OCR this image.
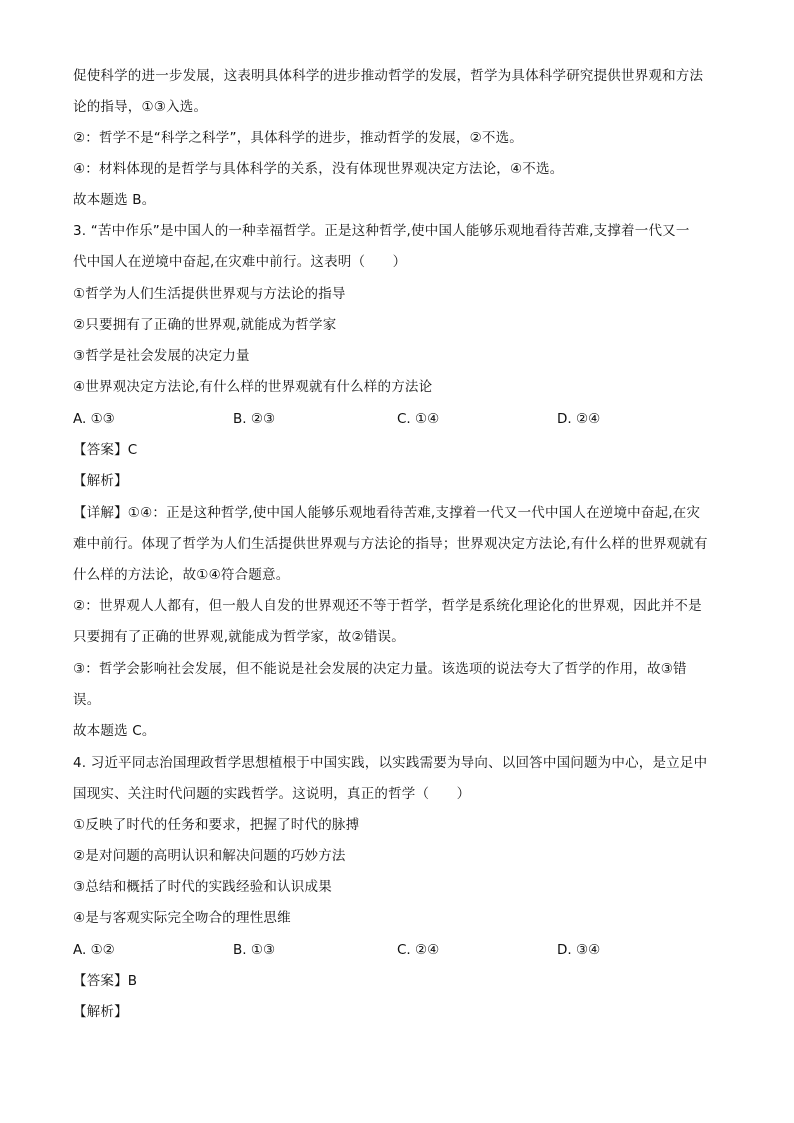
促使科学的进一步发展，这表明具体科学的进步推动哲学的发展，哲学为具体科学研究提供世界观和方法
论的指导，①③入选。
②：哲学不是“科学之科学”，具体科学的进步，推动哲学的发展，②不选。
④：材料体现的是哲学与具体科学的关系，没有体现世界观决定方法论，④不选。
故本题选 B。
3. “苦中作乐”是中国人的一种幸福哲学。正是这种哲学,使中国人能够乐观地看待苦难,支撑着一代又一
代中国人在逆境中奋起,在灾难中前行。这表明（　　）
①哲学为人们生活提供世界观与方法论的指导
②只要拥有了正确的世界观,就能成为哲学家
③哲学是社会发展的决定力量
④世界观决定方法论,有什么样的世界观就有什么样的方法论
A. ①③	B. ②③	C. ①④	D. ②④
【答案】C
【解析】
【详解】①④：正是这种哲学,使中国人能够乐观地看待苦难,支撑着一代又一代中国人在逆境中奋起,在灾
难中前行。体现了哲学为人们生活提供世界观与方法论的指导；世界观决定方法论,有什么样的世界观就有
什么样的方法论，故①④符合题意。
②：世界观人人都有，但一般人自发的世界观还不等于哲学，哲学是系统化理论化的世界观，因此并不是
只要拥有了正确的世界观,就能成为哲学家，故②错误。
③：哲学会影响社会发展，但不能说是社会发展的决定力量。该选项的说法夸大了哲学的作用，故③错
误。
故本题选 C。
4. 习近平同志治国理政哲学思想植根于中国实践，以实践需要为导向、以回答中国问题为中心，是立足中
国现实、关注时代问题的实践哲学。这说明，真正的哲学（　　）
①反映了时代的任务和要求，把握了时代的脉搏
②是对问题的高明认识和解决问题的巧妙方法
③总结和概括了时代的实践经验和认识成果
④是与客观实际完全吻合的理性思维
A. ①②	B. ①③	C. ②④	D. ③④
【答案】B
【解析】
